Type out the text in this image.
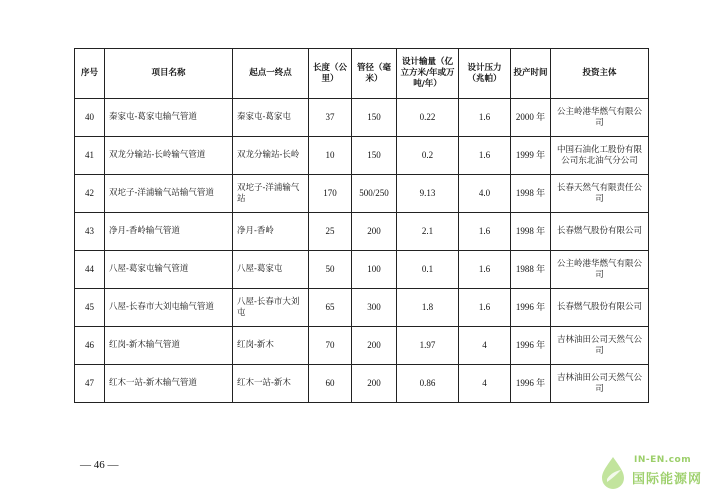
序号	项目名称	起点一终点	长度（公里）	管径（毫米）	设计输量（亿立方米/年或万吨/年）	设计压力（兆帕）	投产时间	投资主体
40	秦家屯-葛家屯输气管道	秦家屯-葛家屯	37	150	0.22	1.6	2000 年	公主岭港华燃气有限公司
41	双龙分输站-长岭输气管道	双龙分输站-长岭	10	150	0.2	1.6	1999 年	中国石油化工股份有限公司东北油气分公司
42	双坨子-洋浦输气站输气管道	双坨子-洋浦输气站	170	500/250	9.13	4.0	1998 年	长春天然气有限责任公司
43	净月-香岭输气管道	净月-香岭	25	200	2.1	1.6	1998 年	长春燃气股份有限公司
44	八屋-葛家屯输气管道	八屋-葛家屯	50	100	0.1	1.6	1988 年	公主岭港华燃气有限公司
45	八屋-长春市大刘屯输气管道	八屋-长春市大刘屯	65	300	1.8	1.6	1996 年	长春燃气股份有限公司
46	红岗-新木输气管道	红岗-新木	70	200	1.97	4	1996 年	吉林油田公司天然气公司
47	红木一站-新木输气管道	红木一站-新木	60	200	0.86	4	1996 年	吉林油田公司天然气公司
— 46 —	IN-EN.com
国际能源网
